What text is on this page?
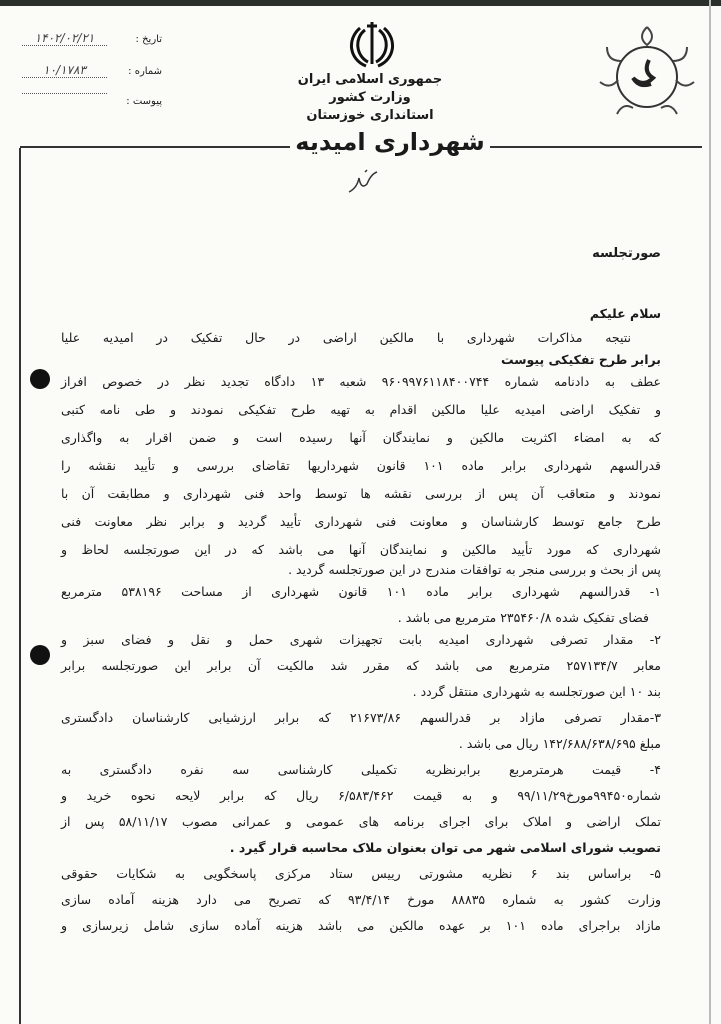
تاریخ :
۱۴۰۲/۰۲/۲۱
شماره :
۱۰/۱۷۸۳
پیوست :
جمهوری اسلامی ایران
وزارت کشور
استانداری خوزستان
شهرداری امیدیه
صورتجلسه
سلام علیکم
نتیجه مذاکرات شهرداری با مالکین اراضی در حال تفکیک در امیدیه علیا
برابر طرح تفکیکی پیوست
عطف به دادنامه شماره ۹۶۰۹۹۷۶۱۱۸۴۰۰۷۴۴ شعبه ۱۳ دادگاه تجدید نظر در خصوص افراز
و تفکیک اراضی امیدیه علیا مالکین اقدام به تهیه طرح تفکیکی نمودند و طی نامه کتبی
که به امضاء اکثریت مالکین و نمایندگان آنها رسیده است و ضمن اقرار به واگذاری
قدرالسهم شهرداری برابر ماده ۱۰۱ قانون شهرداریها تقاضای بررسی و تأیید نقشه را
نمودند و متعاقب آن پس از بررسی نقشه ها توسط واحد فنی شهرداری و مطابقت آن با
طرح جامع توسط کارشناسان و معاونت فنی شهرداری تأیید گردید و برابر نظر معاونت فنی
شهرداری که مورد تأیید مالکین و نمایندگان آنها می باشد که در این صورتجلسه لحاظ و
پس از بحث و بررسی منجر به توافقات مندرج در این صورتجلسه گردید .
۱- قدرالسهم شهرداری برابر ماده ۱۰۱ قانون شهرداری از مساحت ۵۳۸۱۹۶ مترمربع
فضای تفکیک شده ۲۳۵۴۶۰/۸ مترمربع می باشد .
۲- مقدار تصرفی شهرداری امیدیه بابت تجهیزات شهری حمل و نقل و فضای سبز و
معابر ۲۵۷۱۳۴/۷ مترمربع می باشد که مقرر شد مالکیت آن برابر این صورتجلسه برابر
بند ۱۰ این صورتجلسه به شهرداری منتقل گردد .
۳-مقدار تصرفی مازاد بر قدرالسهم ۲۱۶۷۳/۸۶ که برابر ارزشیابی کارشناسان دادگستری
مبلغ ۱۴۲/۶۸۸/۶۳۸/۶۹۵ ریال می باشد .
۴- قیمت هرمترمربع برابرنظریه تکمیلی کارشناسی سه نفره دادگستری به
شماره۹۹۴۵۰مورخ۹۹/۱۱/۲۹ و به قیمت ۶/۵۸۳/۴۶۲ ریال که برابر لایحه نحوه خرید و
تملک اراضی و املاک برای اجرای برنامه های عمومی و عمرانی مصوب ۵۸/۱۱/۱۷ پس از
تصویب شورای اسلامی شهر می توان بعنوان ملاک محاسبه قرار گیرد .
۵- براساس بند ۶ نظریه مشورتی رییس ستاد مرکزی پاسخگویی به شکایات حقوقی
وزارت کشور به شماره ۸۸۸۳۵ مورخ ۹۳/۴/۱۴ که تصریح می دارد هزینه آماده سازی
مازاد براجرای ماده ۱۰۱ بر عهده مالکین می باشد هزینه آماده سازی شامل زیرسازی و
